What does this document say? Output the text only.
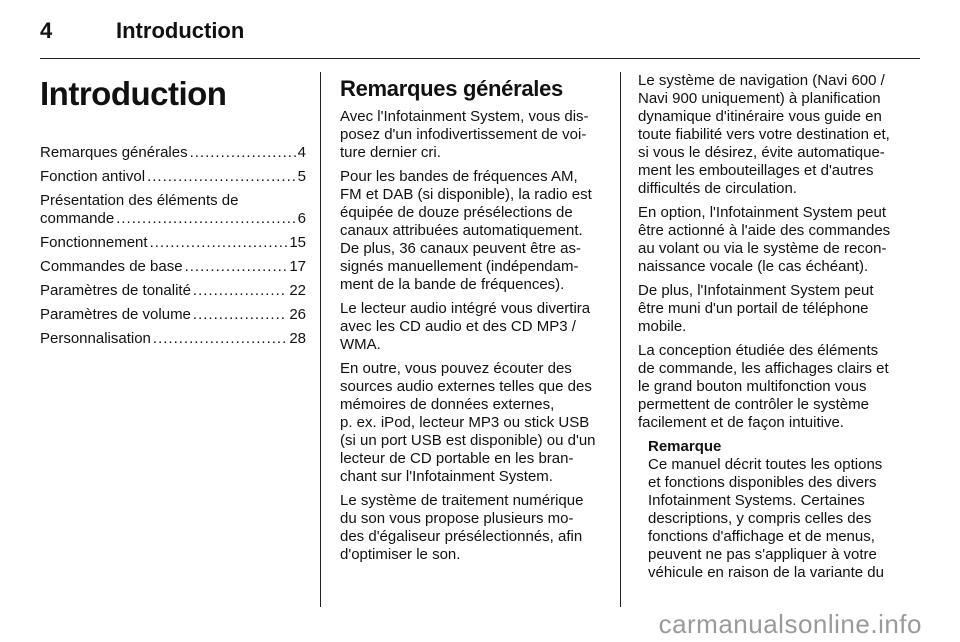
4	Introduction
Introduction
Remarques générales .....	4
Fonction antivol .....	5
Présentation des éléments de
commande .....	6
Fonctionnement .....	15
Commandes de base .....	17
Paramètres de tonalité .....	22
Paramètres de volume .....	26
Personnalisation .....	28
Remarques générales

Avec l'Infotainment System, vous dis-
posez d'un infodivertissement de voi-
ture dernier cri.

Pour les bandes de fréquences AM,
FM et DAB (si disponible), la radio est
équipée de douze présélections de
canaux attribuées automatiquement.
De plus, 36 canaux peuvent être as-
signés manuellement (indépendam-
ment de la bande de fréquences).

Le lecteur audio intégré vous divertira
avec les CD audio et des CD MP3 /
WMA.

En outre, vous pouvez écouter des
sources audio externes telles que des
mémoires de données externes,
p. ex. iPod, lecteur MP3 ou stick USB
(si un port USB est disponible) ou d'un
lecteur de CD portable en les bran-
chant sur l'Infotainment System.

Le système de traitement numérique
du son vous propose plusieurs mo-
des d'égaliseur présélectionnés, afin
d'optimiser le son.

Le système de navigation (Navi 600 /
Navi 900 uniquement) à planification
dynamique d'itinéraire vous guide en
toute fiabilité vers votre destination et,
si vous le désirez, évite automatique-
ment les embouteillages et d'autres
difficultés de circulation.

En option, l'Infotainment System peut
être actionné à l'aide des commandes
au volant ou via le système de recon-
naissance vocale (le cas échéant).

De plus, l'Infotainment System peut
être muni d'un portail de téléphone
mobile.

La conception étudiée des éléments
de commande, les affichages clairs et
le grand bouton multifonction vous
permettent de contrôler le système
facilement et de façon intuitive.

Remarque
Ce manuel décrit toutes les options
et fonctions disponibles des divers
Infotainment Systems. Certaines
descriptions, y compris celles des
fonctions d'affichage et de menus,
peuvent ne pas s'appliquer à votre
véhicule en raison de la variante du
carmanualsonline.info
